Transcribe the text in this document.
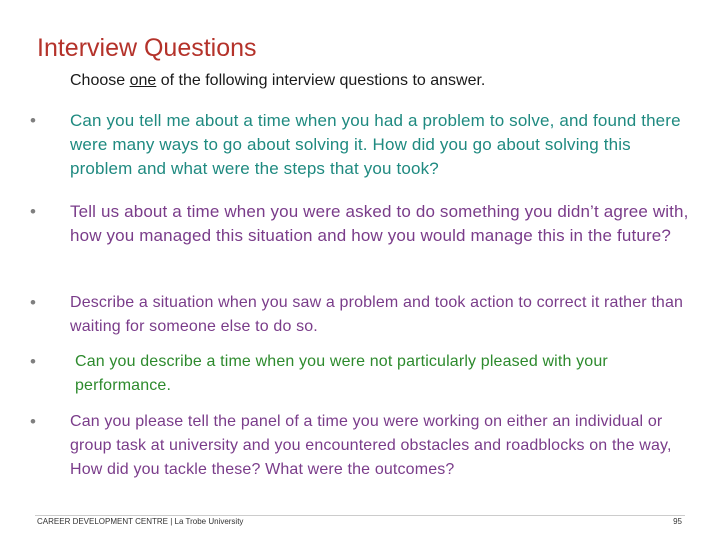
Interview Questions
Choose one of the following interview questions to answer.
•	Can you tell me about a time when you had a problem to solve, and found there were many ways to go about solving it. How did you go about solving this problem and what were the steps that you took?
•	Tell us about a time when you were asked to do something you didn’t agree with, how you managed this situation and how you would manage this in the future?
•	Describe a situation when you saw a problem and took action to correct it rather than waiting for someone else to do so.
•	Can you describe a time when you were not particularly pleased with your performance.
•	Can you please tell the panel of a time you were working on either an individual or group task at university and you encountered obstacles and roadblocks on the way, How did you tackle these? What were the outcomes?
CAREER DEVELOPMENT CENTRE | La Trobe University	95
